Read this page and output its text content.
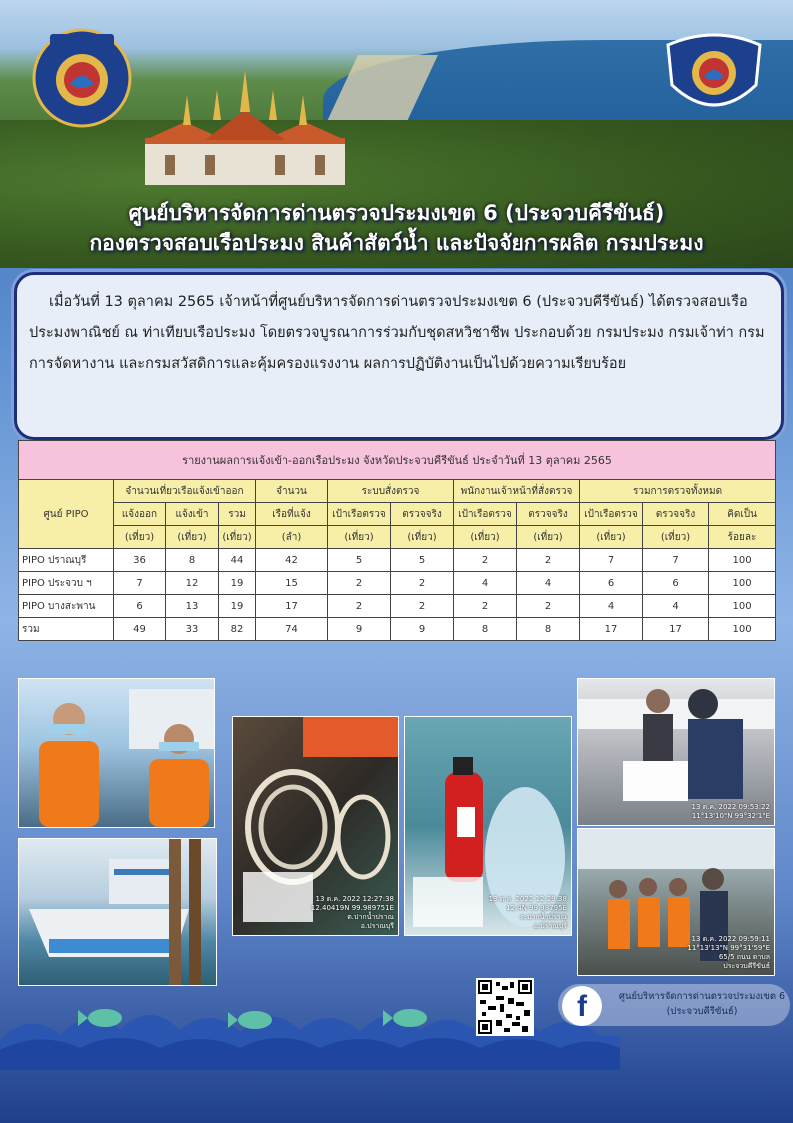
ศูนย์บริหารจัดการด่านตรวจประมงเขต 6 (ประจวบคีรีขันธ์)
กองตรวจสอบเรือประมง สินค้าสัตว์น้ำ และปัจจัยการผลิต กรมประมง

เมื่อวันที่ 13 ตุลาคม 2565 เจ้าหน้าที่ศูนย์บริหารจัดการด่านตรวจประมงเขต 6 (ประจวบคีรีขันธ์) ได้ตรวจสอบเรือประมงพาณิชย์ ณ ท่าเทียบเรือประมง โดยตรวจบูรณาการร่วมกับชุดสหวิชาชีพ ประกอบด้วย กรมประมง กรมเจ้าท่า กรมการจัดหางาน และกรมสวัสดิการและคุ้มครองแรงงาน ผลการปฏิบัติงานเป็นไปด้วยความเรียบร้อย

รายงานผลการแจ้งเข้า-ออกเรือประมง จังหวัดประจวบคีรีขันธ์ ประจำวันที่ 13 ตุลาคม 2565											
ศูนย์ PIPO	จำนวนเที่ยวเรือแจ้งเข้าออก			จำนวน	ระบบสั่งตรวจ		พนักงานเจ้าหน้าที่สั่งตรวจ		รวมการตรวจทั้งหมด		
	แจ้งออก	แจ้งเข้า	รวม	เรือที่แจ้ง	เป้าเรือตรวจ	ตรวจจริง	เป้าเรือตรวจ	ตรวจจริง	เป้าเรือตรวจ	ตรวจจริง	คิดเป็น
	(เที่ยว)	(เที่ยว)	(เที่ยว)	(ลำ)	(เที่ยว)	(เที่ยว)	(เที่ยว)	(เที่ยว)	(เที่ยว)	(เที่ยว)	ร้อยละ
PIPO ปราณบุรี	36	8	44	42	5	5	2	2	7	7	100
PIPO ประจวบ ฯ	7	12	19	15	2	2	4	4	6	6	100
PIPO บางสะพาน	6	13	19	17	2	2	2	2	4	4	100
รวม	49	33	82	74	9	9	8	8	17	17	100
13 ต.ค. 2022 12:27:38
12.40419N 99.989751E
ต.ปากน้ำปราณ
อ.ปราณบุรี
13 ต.ค. 2022 12:29:38
12.4N 99.98795E
ต.ปากน้ำปราณ
อ.ปราณบุรี
13 ต.ค. 2022 09:53:22
11°13'10"N 99°32'1"E
13 ต.ค. 2022 09:59:11
11°13'13"N 99°31'59"E
65/5 ถนน ตาบล
ประจวบคีรีขันธ์
f	ศูนย์บริหารจัดการด่านตรวจประมงเขต 6
(ประจวบคีรีขันธ์)
